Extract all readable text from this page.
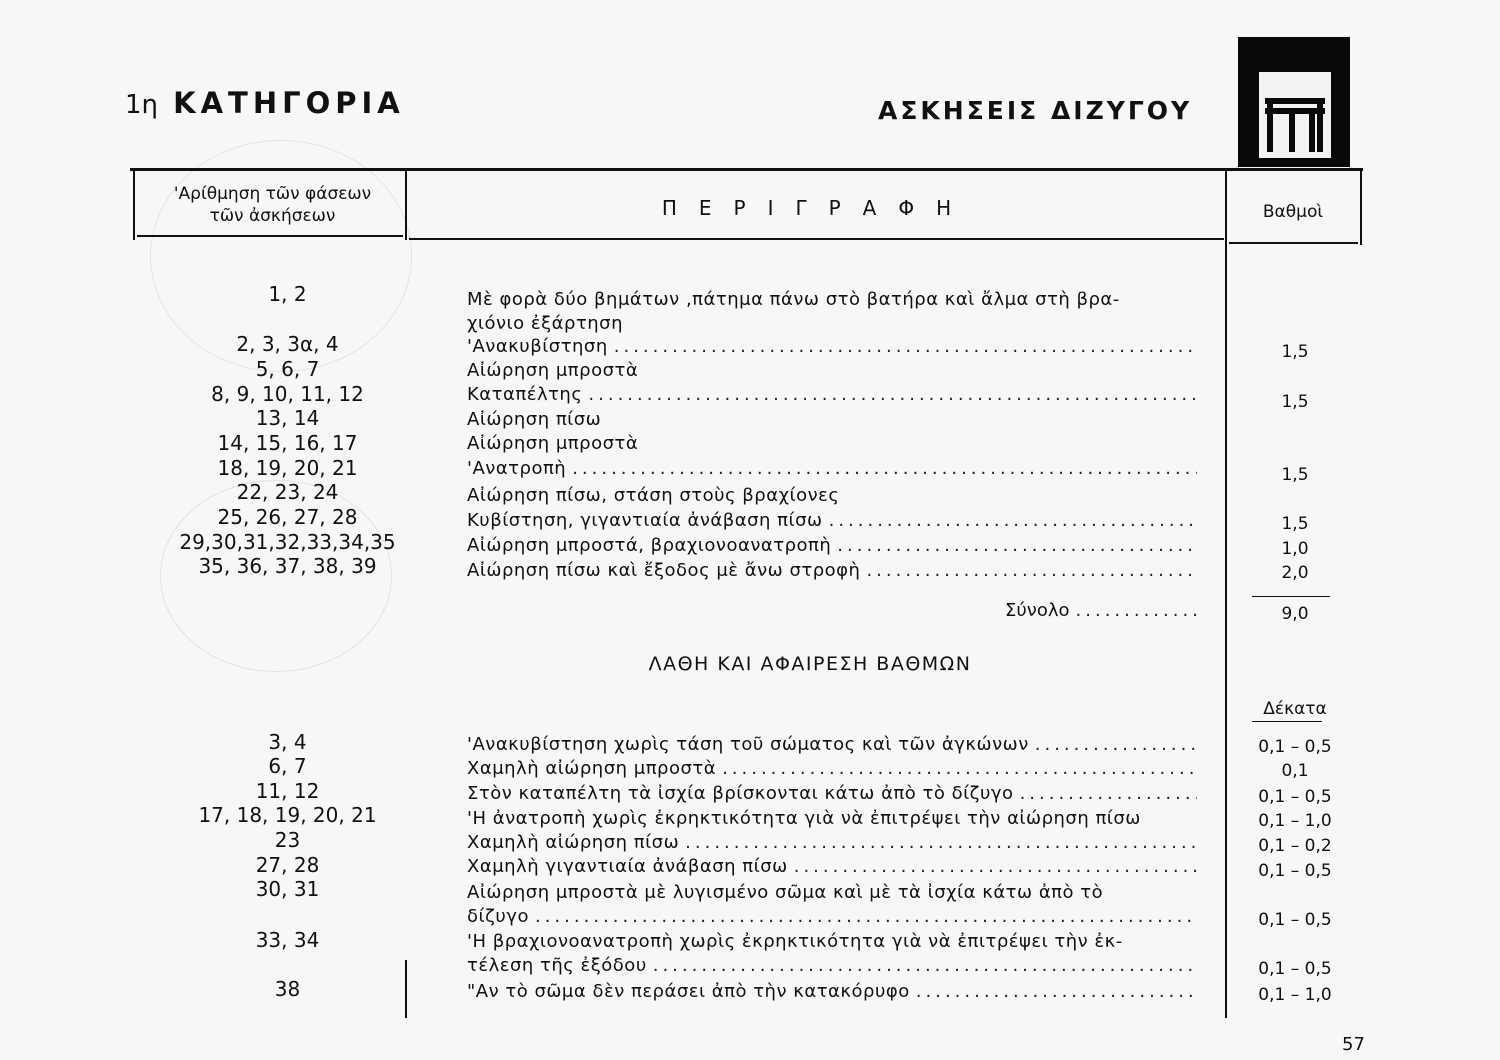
1η ΚΑΤΗΓΟΡΙΑ	ΑΣΚΗΣΕΙΣ ΔΙΖΥΓΟΥ
'Αρίθμηση τῶν φάσεων
τῶν ἀσκήσεων	ΠΕΡΙΓΡΑΦΗ	Βαθμοὶ
1, 2	Μὲ φορὰ δύο βημάτων ,πάτημα πάνω στὸ βατήρα καὶ ἄλμα στὴ βρα-
χιόνιο ἐξάρτηση
2, 3, 3α, 4	'Ανακυβίστηση .....	1,5
5, 6, 7	Αἰώρηση μπροστὰ
8, 9, 10, 11, 12	Καταπέλτης .....	1,5
13, 14	Αἰώρηση πίσω
14, 15, 16, 17	Αἰώρηση μπροστὰ
18, 19, 20, 21	'Ανατροπὴ .....	1,5
22, 23, 24	Αἰώρηση πίσω, στάση στοὺς βραχίονες
25, 26, 27, 28	Κυβίστηση, γιγαντιαία ἀνάβαση πίσω .....	1,5
29,30,31,32,33,34,35	Αἰώρηση μπροστά, βραχιονοανατροπὴ .....	1,0
35, 36, 37, 38, 39	Αἰώρηση πίσω καὶ ἔξοδος μὲ ἄνω στροφὴ .....	2,0
Σύνολο .....	9,0
ΛΑΘΗ ΚΑΙ ΑΦΑΙΡΕΣΗ ΒΑΘΜΩΝ
Δέκατα
3, 4	'Ανακυβίστηση χωρὶς τάση τοῦ σώματος καὶ τῶν ἀγκώνων .....	0,1 – 0,5
6, 7	Χαμηλὴ αἰώρηση μπροστὰ .....	0,1
11, 12	Στὸν καταπέλτη τὰ ἰσχία βρίσκονται κάτω ἀπὸ τὸ δίζυγο .....	0,1 – 0,5
17, 18, 19, 20, 21	'Η ἀνατροπὴ χωρὶς ἐκρηκτικότητα γιὰ νὰ ἐπιτρέψει τὴν αἰώρηση πίσω	0,1 – 1,0
23	Χαμηλὴ αἰώρηση πίσω .....	0,1 – 0,2
27, 28	Χαμηλὴ γιγαντιαία ἀνάβαση πίσω .....	0,1 – 0,5
30, 31	Αἰώρηση μπροστὰ μὲ λυγισμένο σῶμα καὶ μὲ τὰ ἰσχία κάτω ἀπὸ τὸ
δίζυγο .....	0,1 – 0,5
33, 34	'Η βραχιονοανατροπὴ χωρὶς ἐκρηκτικότητα γιὰ νὰ ἐπιτρέψει τὴν ἐκ-
τέλεση τῆς ἐξόδου .....	0,1 – 0,5
38	"Αν τὸ σῶμα δὲν περάσει ἀπὸ τὴν κατακόρυφο .....	0,1 – 1,0
57
